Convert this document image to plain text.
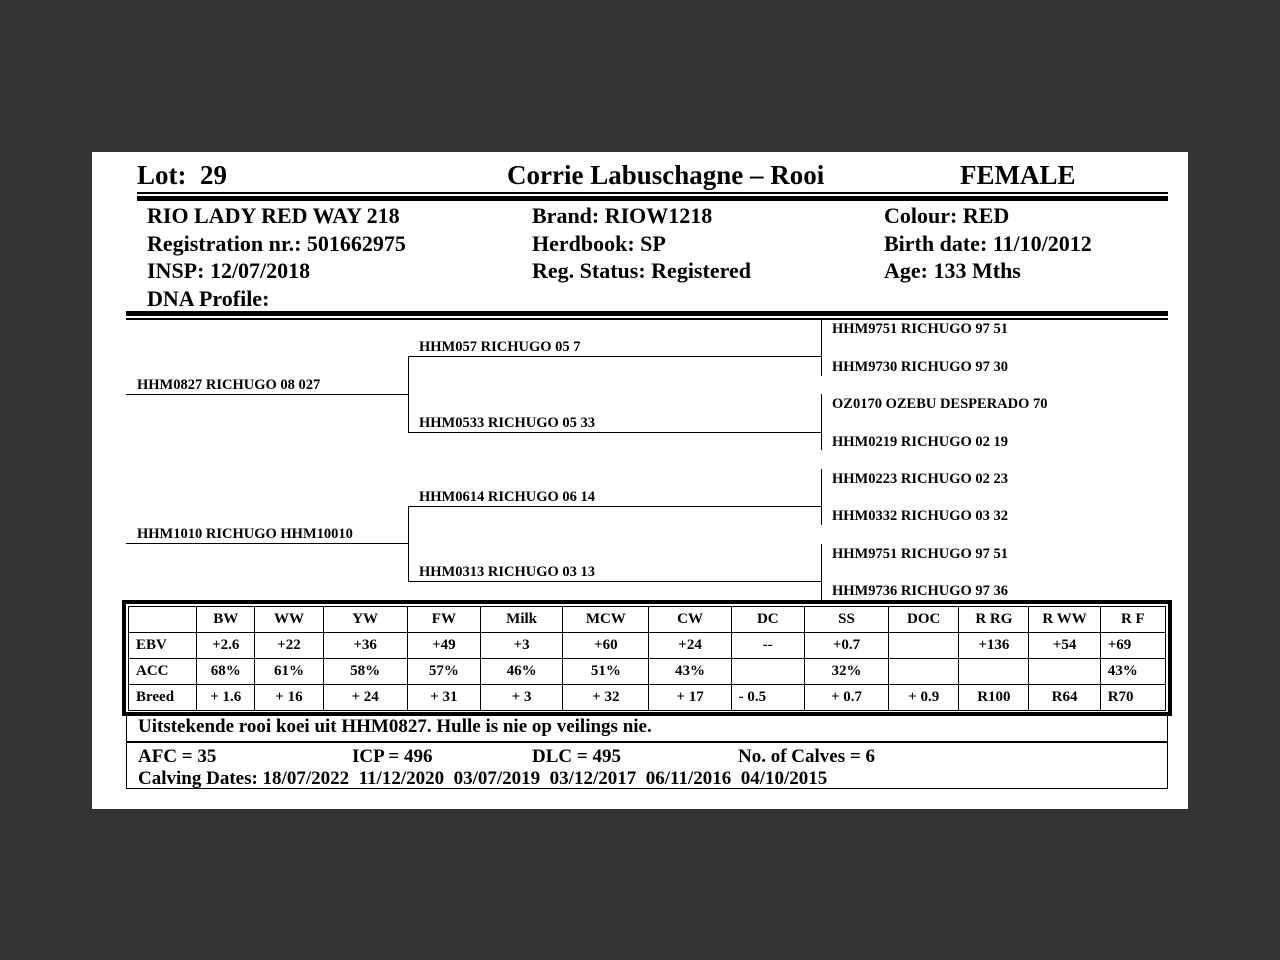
Lot: 29	Corrie Labuschagne – Rooi	FEMALE
RIO LADY RED WAY 218
Registration nr.: 501662975
INSP: 12/07/2018
DNA Profile:
Brand: RIOW1218
Herdbook: SP
Reg. Status: Registered
Colour: RED
Birth date: 11/10/2012
Age: 133 Mths
HHM0827 RICHUGO 08 027
HHM1010 RICHUGO HHM10010
HHM057 RICHUGO 05 7
HHM0533 RICHUGO 05 33
HHM0614 RICHUGO 06 14
HHM0313 RICHUGO 03 13
HHM9751 RICHUGO 97 51
HHM9730 RICHUGO 97 30
OZ0170 OZEBU DESPERADO 70
HHM0219 RICHUGO 02 19
HHM0223 RICHUGO 02 23
HHM0332 RICHUGO 03 32
HHM9751 RICHUGO 97 51
HHM9736 RICHUGO 97 36
	BW	WW	YW	FW	Milk	MCW	CW	DC	SS	DOC	R RG	R WW	R F
EBV	+2.6	+22	+36	+49	+3	+60	+24	--	+0.7		+136	+54	+69
ACC	68%	61%	58%	57%	46%	51%	43%		32%				43%
Breed	+ 1.6	+ 16	+ 24	+ 31	+ 3	+ 32	+ 17	- 0.5	+ 0.7	+ 0.9	R100	R64	R70
Uitstekende rooi koei uit HHM0827. Hulle is nie op veilings nie.
AFC = 35	ICP = 496	DLC = 495	No. of Calves = 6
Calving Dates: 18/07/2022  11/12/2020  03/07/2019  03/12/2017  06/11/2016  04/10/2015
